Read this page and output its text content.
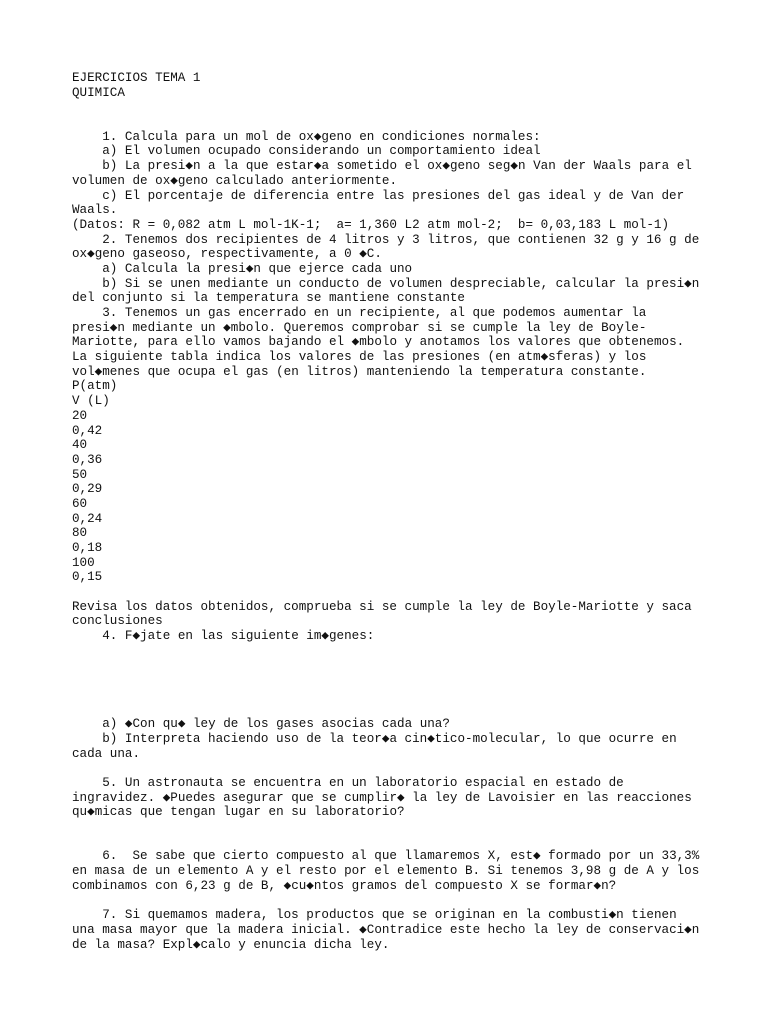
EJERCICIOS TEMA 1
QUIMICA
1. Calcula para un mol de ox◆geno en condiciones normales:
a) El volumen ocupado considerando un comportamiento ideal
b) La presi◆n a la que estar◆a sometido el ox◆geno seg◆n Van der Waals para el
volumen de ox◆geno calculado anteriormente.
c) El porcentaje de diferencia entre las presiones del gas ideal y de Van der
Waals.
(Datos: R = 0,082 atm L mol-1K-1;  a= 1,360 L2 atm mol-2;  b= 0,03,183 L mol-1)
2. Tenemos dos recipientes de 4 litros y 3 litros, que contienen 32 g y 16 g de
ox◆geno gaseoso, respectivamente, a 0 ◆C.
a) Calcula la presi◆n que ejerce cada uno
b) Si se unen mediante un conducto de volumen despreciable, calcular la presi◆n
del conjunto si la temperatura se mantiene constante
3. Tenemos un gas encerrado en un recipiente, al que podemos aumentar la
presi◆n mediante un ◆mbolo. Queremos comprobar si se cumple la ley de Boyle-
Mariotte, para ello vamos bajando el ◆mbolo y anotamos los valores que obtenemos.
La siguiente tabla indica los valores de las presiones (en atm◆sferas) y los
vol◆menes que ocupa el gas (en litros) manteniendo la temperatura constante.
P(atm)
V (L)
20
0,42
40
0,36
50
0,29
60
0,24
80
0,18
100
0,15
Revisa los datos obtenidos, comprueba si se cumple la ley de Boyle-Mariotte y saca
conclusiones
4. F◆jate en las siguiente im◆genes:
a) ◆Con qu◆ ley de los gases asocias cada una?
b) Interpreta haciendo uso de la teor◆a cin◆tico-molecular, lo que ocurre en
cada una.
5. Un astronauta se encuentra en un laboratorio espacial en estado de
ingravidez. ◆Puedes asegurar que se cumplir◆ la ley de Lavoisier en las reacciones
qu◆micas que tengan lugar en su laboratorio?
6.  Se sabe que cierto compuesto al que llamaremos X, est◆ formado por un 33,3%
en masa de un elemento A y el resto por el elemento B. Si tenemos 3,98 g de A y los
combinamos con 6,23 g de B, ◆cu◆ntos gramos del compuesto X se formar◆n?
7. Si quemamos madera, los productos que se originan en la combusti◆n tienen
una masa mayor que la madera inicial. ◆Contradice este hecho la ley de conservaci◆n
de la masa? Expl◆calo y enuncia dicha ley.
